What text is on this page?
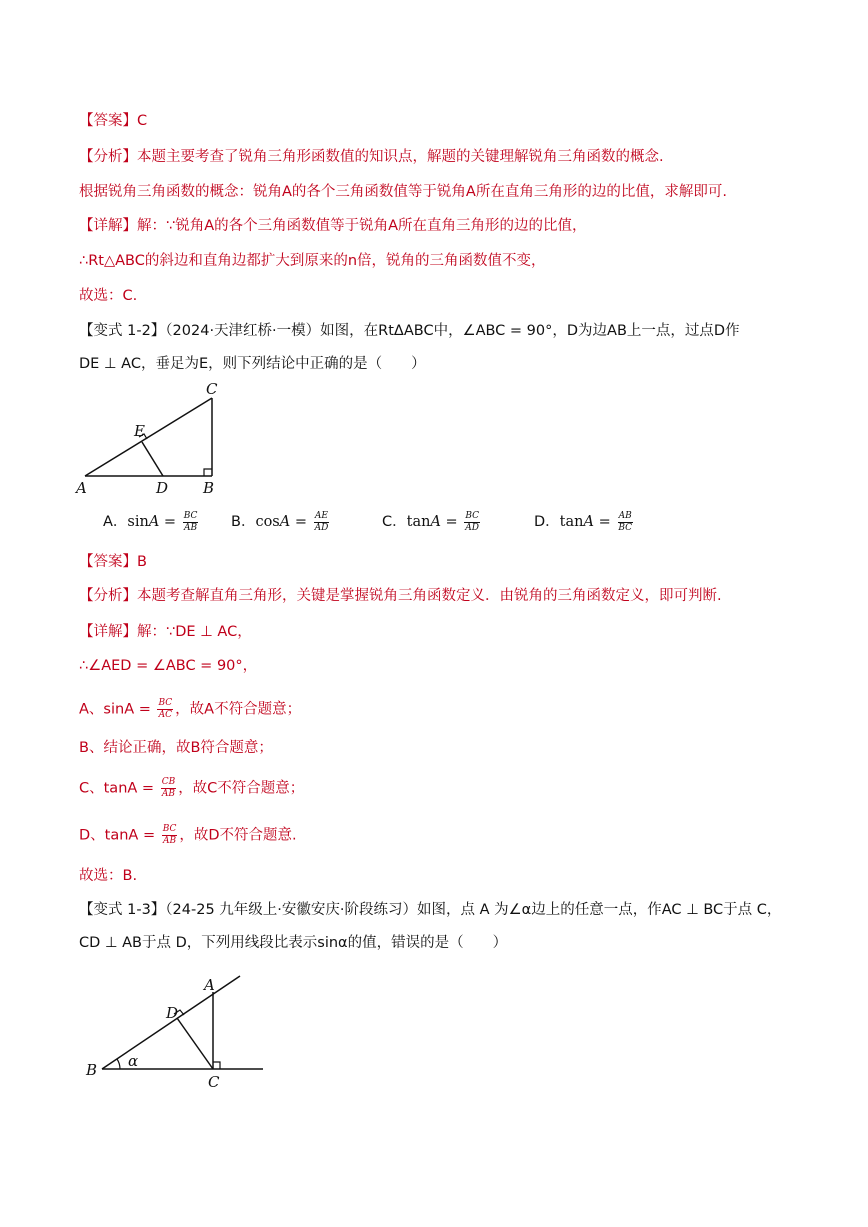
【答案】C
【分析】本题主要考查了锐角三角形函数值的知识点，解题的关键理解锐角三角函数的概念.
根据锐角三角函数的概念：锐角A的各个三角函数值等于锐角A所在直角三角形的边的比值，求解即可.
【详解】解：∵锐角A的各个三角函数值等于锐角A所在直角三角形的边的比值，
∴Rt△ABC的斜边和直角边都扩大到原来的n倍，锐角的三角函数值不变，
故选：C.
【变式 1-2】（2024·天津红桥·一模）如图，在RtΔABC中，∠ABC = 90°，D为边AB上一点，过点D作
DE ⊥ AC，垂足为E，则下列结论中正确的是（　　）
A	B
C
D
E
A．$\sin A = \frac{BC}{AB}$ B．$\cos A = \frac{AE}{AD}$	C．$\tan A = \frac{BC}{AD}$	D．$\tan A = \frac{AB}{BC}$
【答案】B
【分析】本题考查解直角三角形，关键是掌握锐角三角函数定义．由锐角的三角函数定义，即可判断.
【详解】解：∵DE ⊥ AC，
∴∠AED = ∠ABC = 90°，
A、$\sin A = \frac{BC}{AC}$ ，故A不符合题意；
B、结论正确，故B符合题意；
C、$\tan A = \frac{CB}{AB}$ ，故C不符合题意；
D、$\tan A = \frac{BC}{AB}$ ，故D不符合题意.
故选：B.
【变式 1-3】（24-25 九年级上·安徽安庆·阶段练习）如图，点 A 为∠α边上的任意一点，作AC ⊥ BC于点 C，
CD ⊥ AB于点 D，下列用线段比表示sinα的值，错误的是（　　）
B
C
A
D
α
